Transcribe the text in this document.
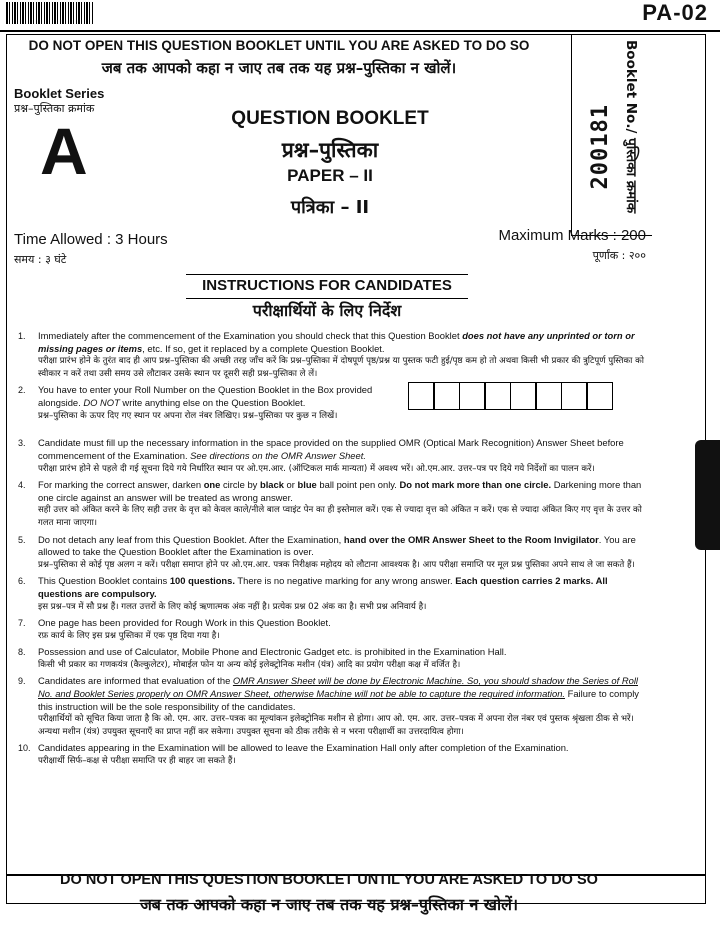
PA-02
DO NOT OPEN THIS QUESTION BOOKLET UNTIL YOU ARE ASKED TO DO SO
जब तक आपको कहा न जाए तब तक यह प्रश्न–पुस्तिका न खोलें।	Booklet No./ पुस्तिका क्रमांक
200181
Booklet Series
प्रश्न–पुस्तिका क्रमांक
A	QUESTION BOOKLET
प्रश्न–पुस्तिका
PAPER – II
पत्रिका – II
Time Allowed : 3 Hours
समय : ३ घंटे
Maximum Marks : 200
पूर्णांक : २००
INSTRUCTIONS FOR CANDIDATES
परीक्षार्थियों के लिए निर्देश
1. Immediately after the commencement of the Examination you should check that this Question Booklet does not have any unprinted or torn or missing pages or items, etc. If so, get it replaced by a complete Question Booklet.

परीक्षा प्रारंभ होने के तुरंत बाद ही आप प्रश्न–पुस्तिका की अच्छी तरह जाँच करें कि प्रश्न–पुस्तिका में दोषपूर्ण पृष्ठ/प्रश्न या पुस्तक फटी हुई/पृष्ठ कम हो तो अथवा किसी भी प्रकार की त्रुटिपूर्ण पुस्तिका को स्वीकार न करें तथा उसी समय उसे लौटाकर उसके स्थान पर दूसरी सही प्रश्न–पुस्तिका ले लें।

2. You have to enter your Roll Number on the Question Booklet in the Box provided alongside. DO NOT write anything else on the Question Booklet.

प्रश्न–पुस्तिका के ऊपर दिए गए स्थान पर अपना रोल नंबर लिखिए। प्रश्न–पुस्तिका पर कुछ न लिखें।

3. Candidate must fill up the necessary information in the space provided on the supplied OMR (Optical Mark Recognition) Answer Sheet before commencement of the Examination. See directions on the OMR Answer Sheet.

परीक्षा प्रारंभ होने से पहले दी गई सूचना दिये गये निर्धारित स्थान पर ओ.एम.आर. (ऑप्टिकल मार्क मान्यता) में अवश्य भरें। ओ.एम.आर. उत्तर–पत्र पर दिये गये निर्देशों का पालन करें।

4. For marking the correct answer, darken one circle by black or blue ball point pen only. Do not mark more than one circle. Darkening more than one circle against an answer will be treated as wrong answer.

सही उत्तर को अंकित करने के लिए सही उत्तर के वृत्त को केवल काले/नीले बाल प्वाइंट पेन का ही इस्तेमाल करें। एक से ज्यादा वृत्त को अंकित न करें। एक से ज्यादा अंकित किए गए वृत्त के उत्तर को गलत माना जाएगा।

5. Do not detach any leaf from this Question Booklet. After the Examination, hand over the OMR Answer Sheet to the Room Invigilator. You are allowed to take the Question Booklet after the Examination is over.

प्रश्न–पुस्तिका से कोई पृष्ठ अलग न करें। परीक्षा समाप्त होने पर ओ.एम.आर. पत्रक निरीक्षक महोदय को लौटाना आवश्यक है। आप परीक्षा समाप्ति पर मूल प्रश्न पुस्तिका अपने साथ ले जा सकते हैं।

6. This Question Booklet contains 100 questions. There is no negative marking for any wrong answer. Each question carries 2 marks. All questions are compulsory.

इस प्रश्न–पत्र में सौ प्रश्न हैं। गलत उत्तरों के लिए कोई ऋणात्मक अंक नहीं है। प्रत्येक प्रश्न 02 अंक का है। सभी प्रश्न अनिवार्य है।

7. One page has been provided for Rough Work in this Question Booklet.

रफ़ कार्य के लिए इस प्रश्न पुस्तिका में एक पृष्ठ दिया गया है।

8. Possession and use of Calculator, Mobile Phone and Electronic Gadget etc. is prohibited in the Examination Hall.

किसी भी प्रकार का गणकयंत्र (कैल्कुलेटर), मोबाईल फोन या अन्य कोई इलेक्ट्रोनिक मशीन (यंत्र) आदि का प्रयोग परीक्षा कक्ष में वर्जित है।

9. Candidates are informed that evaluation of the OMR Answer Sheet will be done by Electronic Machine. So, you should shadow the Series of Roll No. and Booklet Series properly on OMR Answer Sheet, otherwise Machine will not be able to capture the required information. Failure to comply this instruction will be the sole responsibility of the candidates.

परीक्षार्थियों को सूचित किया जाता है कि ओ. एम. आर. उत्तर–पत्रक का मूल्यांकन इलेक्ट्रोनिक मशीन से होगा। आप ओ. एम. आर. उत्तर–पत्रक में अपना रोल नंबर एवं पुस्तक श्रृंखला ठीक से भरें। अन्यथा मशीन (यंत्र) उपयुक्त सूचनाएँ का प्राप्त नहीं कर सकेगा। उपयुक्त सूचना को ठीक तरीके से न भरना परीक्षार्थी का उत्तरदायित्व होगा।

10. Candidates appearing in the Examination will be allowed to leave the Examination Hall only after completion of the Examination.

परीक्षार्थी सिर्फ–कक्ष से परीक्षा समाप्ति पर ही बाहर जा सकते हैं।

DO NOT OPEN THIS QUESTION BOOKLET UNTIL YOU ARE ASKED TO DO SO
जब तक आपको कहा न जाए तब तक यह प्रश्न–पुस्तिका न खोलें।
